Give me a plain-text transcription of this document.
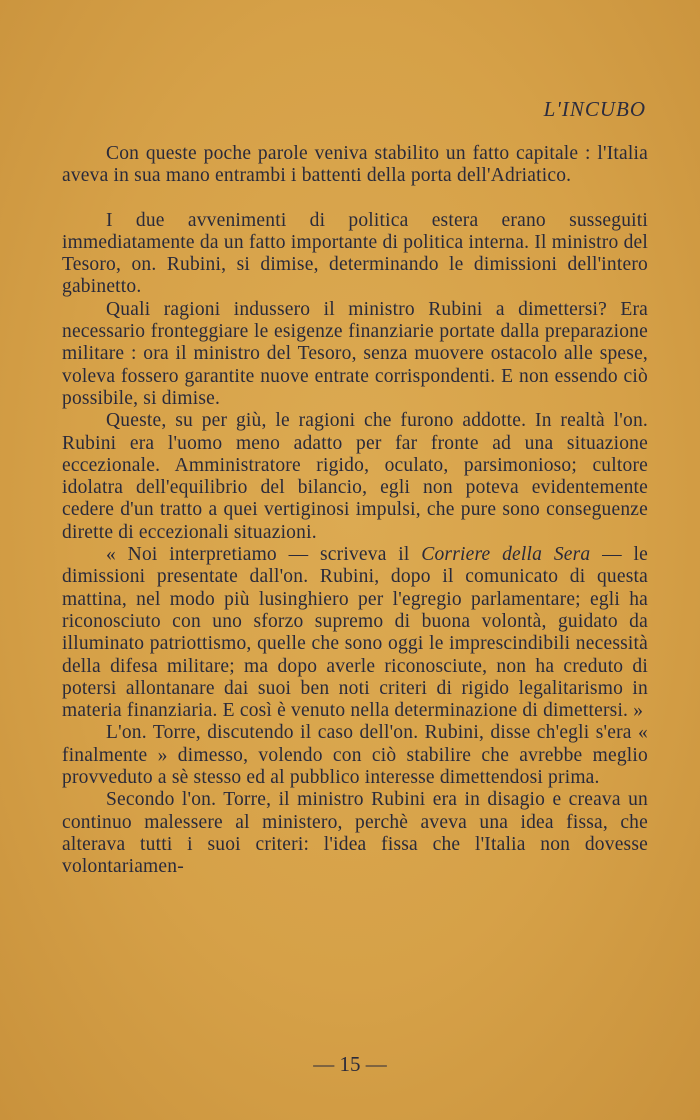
L'INCUBO

Con queste poche parole veniva stabilito un fatto capitale : l'Italia aveva in sua mano entrambi i battenti della porta dell'Adriatico.

I due avvenimenti di politica estera erano susseguiti immediatamente da un fatto importante di politica interna. Il ministro del Tesoro, on. Rubini, si dimise, determinando le dimissioni dell'intero gabinetto.

Quali ragioni indussero il ministro Rubini a dimettersi? Era necessario fronteggiare le esigenze finanziarie portate dalla preparazione militare : ora il ministro del Tesoro, senza muovere ostacolo alle spese, voleva fossero garantite nuove entrate corrispondenti. E non essendo ciò possibile, si dimise.

Queste, su per giù, le ragioni che furono addotte. In realtà l'on. Rubini era l'uomo meno adatto per far fronte ad una situazione eccezionale. Amministratore rigido, oculato, parsimonioso; cultore idolatra dell'equilibrio del bilancio, egli non poteva evidentemente cedere d'un tratto a quei vertiginosi impulsi, che pure sono conseguenze dirette di eccezionali situazioni.

« Noi interpretiamo — scriveva il Corriere della Sera — le dimissioni presentate dall'on. Rubini, dopo il comunicato di questa mattina, nel modo più lusinghiero per l'egregio parlamentare; egli ha riconosciuto con uno sforzo supremo di buona volontà, guidato da illuminato patriottismo, quelle che sono oggi le imprescindibili necessità della difesa militare; ma dopo averle riconosciute, non ha creduto di potersi allontanare dai suoi ben noti criteri di rigido legalitarismo in materia finanziaria. E così è venuto nella determinazione di dimettersi. »

L'on. Torre, discutendo il caso dell'on. Rubini, disse ch'egli s'era « finalmente » dimesso, volendo con ciò stabilire che avrebbe meglio provveduto a sè stesso ed al pubblico interesse dimettendosi prima.

Secondo l'on. Torre, il ministro Rubini era in disagio e creava un continuo malessere al ministero, perchè aveva una idea fissa, che alterava tutti i suoi criteri: l'idea fissa che l'Italia non dovesse volontariamen-

— 15 —
